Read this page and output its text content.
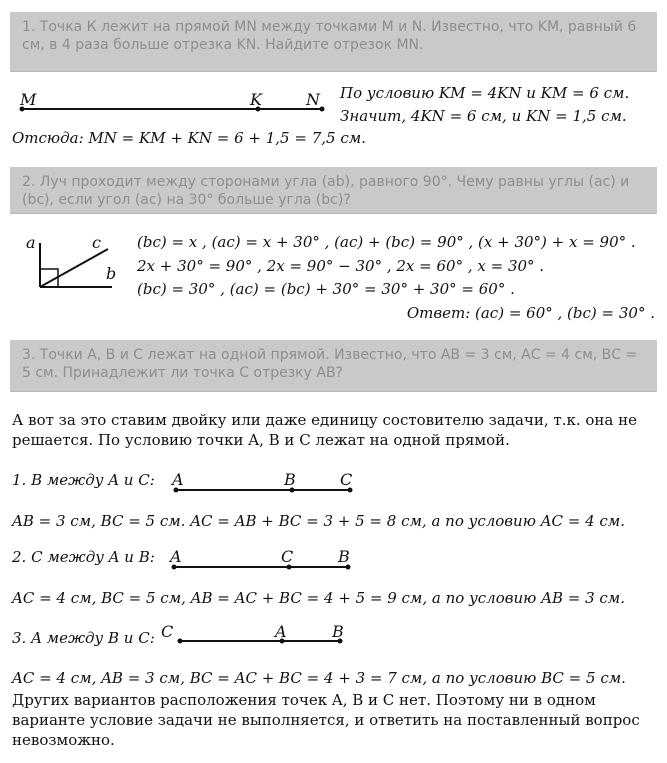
1. Точка К лежит на прямой MN между точками M и N. Известно, что KM, равный 6 см, в 4 раза больше отрезка KN. Найдите отрезок MN.
M	K	N
a	c
b
A	B	C
A	C	B
C	A	B
По условию KM = 4KN и KM = 6 см.
Значит, 4KN = 6 см, и KN = 1,5 см.
Отсюда: MN = KM + KN = 6 + 1,5 = 7,5 см.
2. Луч проходит между сторонами угла (ab), равного 90°. Чему равны углы (ac) и (bc), если угол (ac) на 30° больше угла (bc)?
(bc) = x , (ac) = x + 30° , (ac) + (bc) = 90° , (x + 30°) + x = 90° .
2x + 30° = 90° , 2x = 90° − 30° , 2x = 60° , x = 30° .
(bc) = 30° , (ac) = (bc) + 30° = 30° + 30° = 60° .
Ответ: (ac) = 60° , (bc) = 30° .
3. Точки А, В и С лежат на одной прямой. Известно, что АВ = 3 см, АС = 4 см, ВС = 5 см. Принадлежит ли точка С отрезку АВ?
А вот за это ставим двойку или даже единицу состовителю задачи, т.к. она не решается. По условию точки A, B и C лежат на одной прямой.
1. B между A и C:
AB = 3 см, BC = 5 см. AC = AB + BC = 3 + 5 = 8 см, а по условию AC = 4 см.
2. C между A и B:
AC = 4 см, BC = 5 см, AB = AC + BC = 4 + 5 = 9 см, а по условию AB = 3 см.
3. A между B и C:
AC = 4 см, AB = 3 см, BC = AC + BC = 4 + 3 = 7 см, а по условию BC = 5 см.
Других вариантов расположения точек A, B и C нет. Поэтому ни в одном варианте условие задачи не выполняется, и ответить на поставленный вопрос невозможно.
